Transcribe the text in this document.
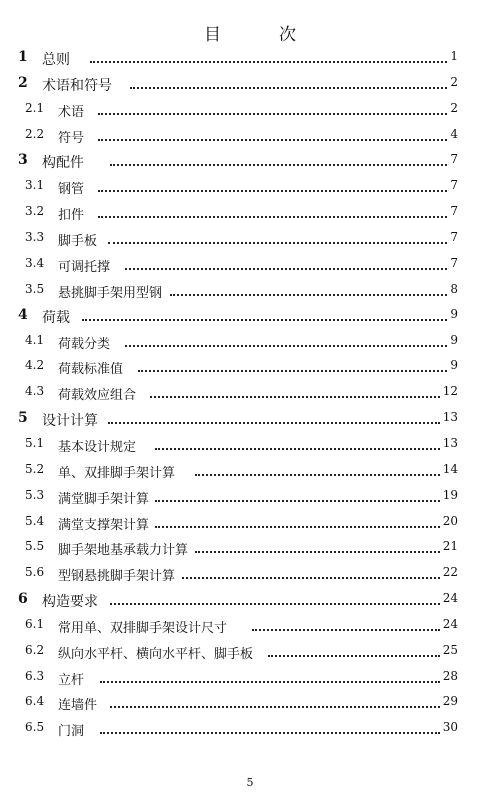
目	次
1 总则	1
2 术语和符号	2
2.1 术语	2
2.2 符号	4
3 构配件	7
3.1 钢管	7
3.2 扣件	7
3.3 脚手板	7
3.4 可调托撑	7
3.5 悬挑脚手架用型钢	8
4 荷载	9
4.1 荷载分类	9
4.2 荷载标准值	9
4.3 荷载效应组合	12
5 设计计算	13
5.1 基本设计规定	13
5.2 单、双排脚手架计算	14
5.3 满堂脚手架计算	19
5.4 满堂支撑架计算	20
5.5 脚手架地基承载力计算	21
5.6 型钢悬挑脚手架计算	22
6 构造要求	24
6.1 常用单、双排脚手架设计尺寸	24
6.2 纵向水平杆、横向水平杆、脚手板	25
6.3 立杆	28
6.4 连墙件	29
6.5 门洞	30
5
